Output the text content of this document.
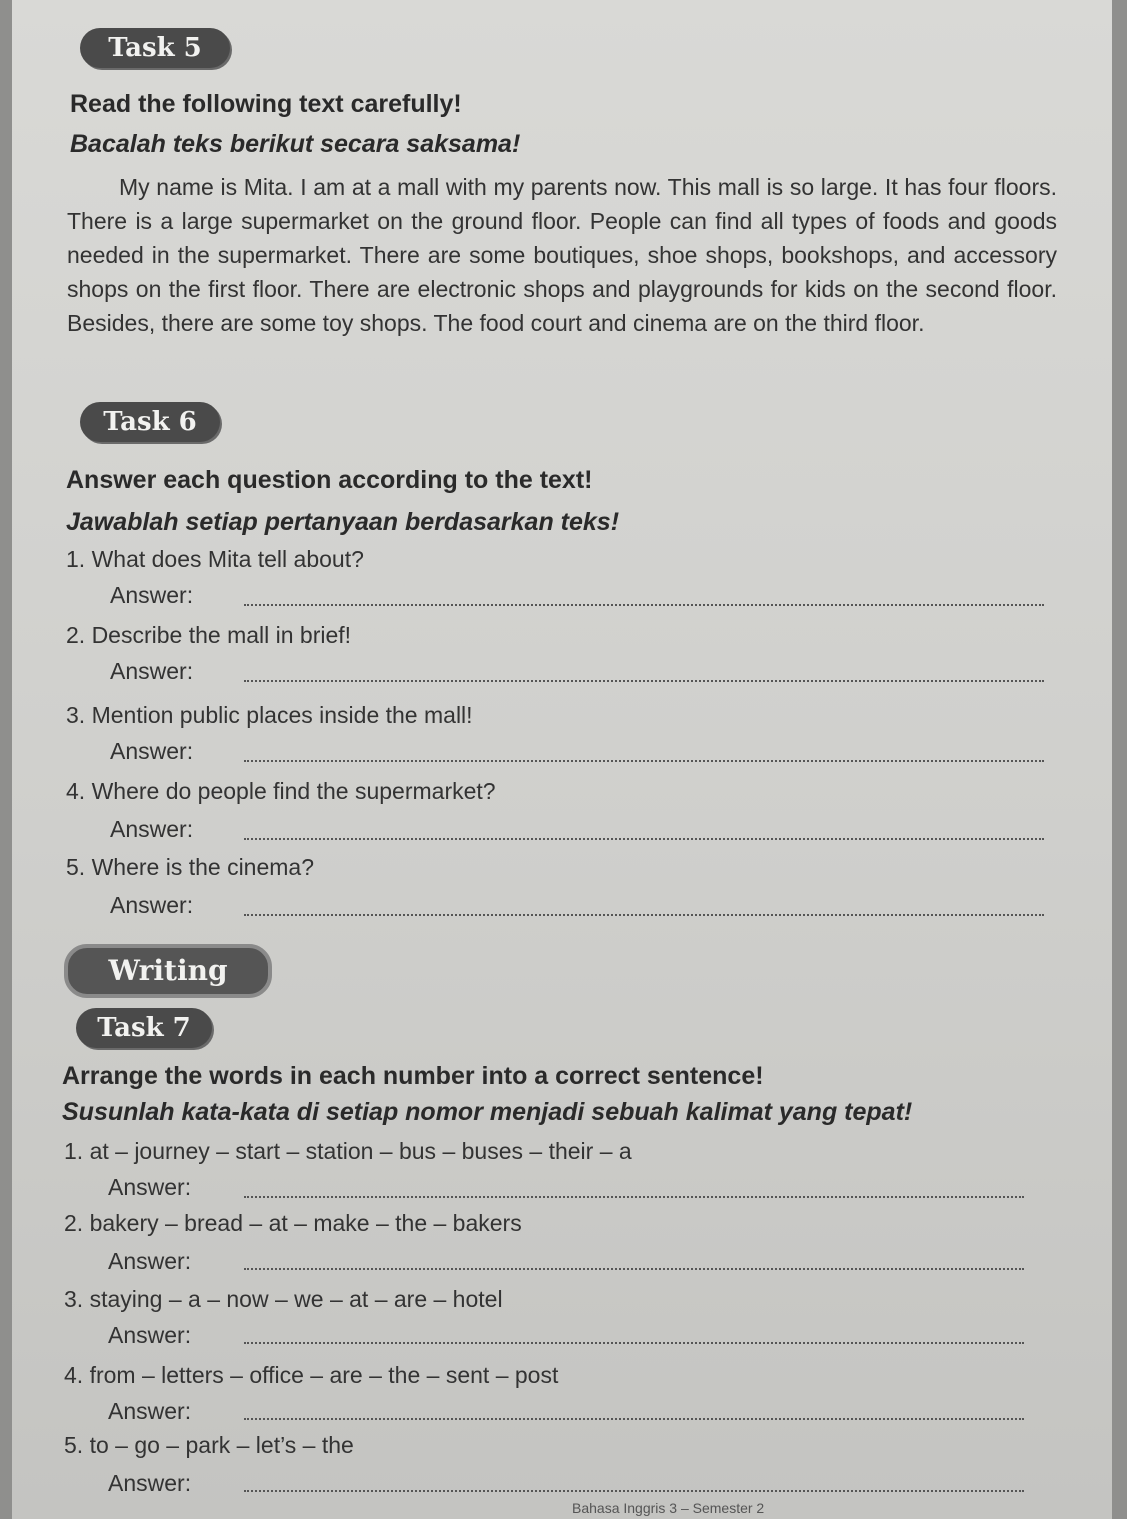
Task 5
Read the following text carefully!
Bacalah teks berikut secara saksama!
My name is Mita. I am at a mall with my parents now. This mall is so large. It has four floors. There is a large supermarket on the ground floor. People can find all types of foods and goods needed in the supermarket. There are some boutiques, shoe shops, bookshops, and accessory shops on the first floor. There are electronic shops and playgrounds for kids on the second floor. Besides, there are some toy shops. The food court and cinema are on the third floor.
Task 6
Answer each question according to the text!
Jawablah setiap pertanyaan berdasarkan teks!
1. What does Mita tell about?
Answer:
2. Describe the mall in brief!
Answer:
3. Mention public places inside the mall!
Answer:
4. Where do people find the supermarket?
Answer:
5. Where is the cinema?
Answer:
Writing
Task 7
Arrange the words in each number into a correct sentence!
Susunlah kata-kata di setiap nomor menjadi sebuah kalimat yang tepat!
1. at – journey – start – station – bus – buses – their – a
Answer:
2. bakery – bread – at – make – the – bakers
Answer:
3. staying – a – now – we – at – are – hotel
Answer:
4. from – letters – office – are – the – sent – post
Answer:
5. to – go – park – let’s – the
Answer:
Bahasa Inggris 3 – Semester 2
